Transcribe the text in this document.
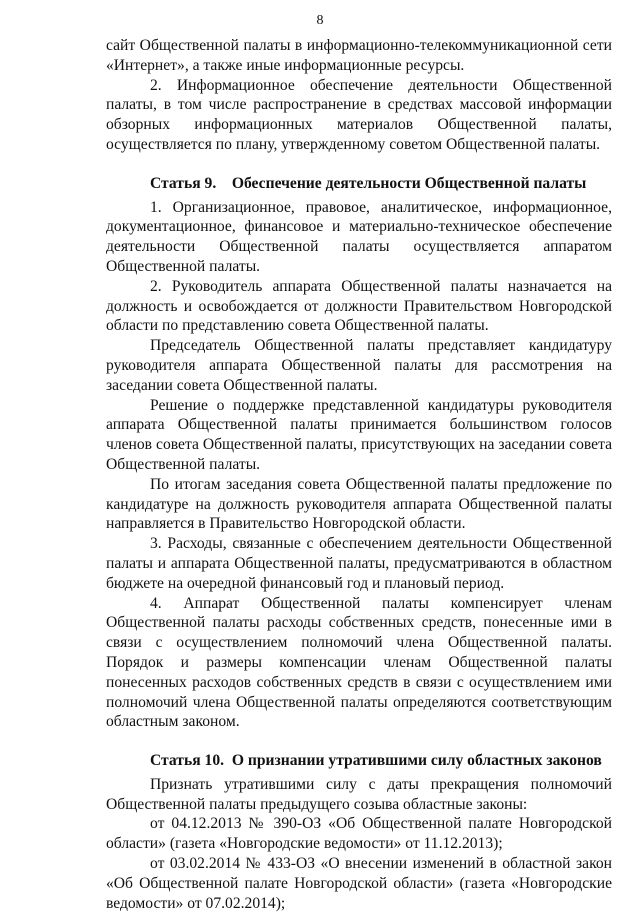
8

сайт Общественной палаты в информационно-телекоммуникационной сети «Интернет», а также иные информационные ресурсы.

2. Информационное обеспечение деятельности Общественной палаты, в том числе распространение в средствах массовой информации обзорных информационных материалов Общественной палаты, осуществляется по плану, утвержденному советом Общественной палаты.

Статья 9.    Обеспечение деятельности Общественной палаты

1. Организационное, правовое, аналитическое, информационное, документационное, финансовое и материально-техническое обеспечение деятельности Общественной палаты осуществляется аппаратом Общественной палаты.

2. Руководитель аппарата Общественной палаты назначается на должность и освобождается от должности Правительством Новгородской области по представлению совета Общественной палаты.

Председатель Общественной палаты представляет кандидатуру руководителя аппарата Общественной палаты для рассмотрения на заседании совета Общественной палаты.

Решение о поддержке представленной кандидатуры руководителя аппарата Общественной палаты принимается большинством голосов членов совета Общественной палаты, присутствующих на заседании совета Общественной палаты.

По итогам заседания совета Общественной палаты предложение по кандидатуре на должность руководителя аппарата Общественной палаты направляется в Правительство Новгородской области.

3. Расходы, связанные с обеспечением деятельности Общественной палаты и аппарата Общественной палаты, предусматриваются в областном бюджете на очередной финансовый год и плановый период.

4. Аппарат Общественной палаты компенсирует членам Общественной палаты расходы собственных средств, понесенные ими в связи с осуществлением полномочий члена Общественной палаты. Порядок и размеры компенсации членам Общественной палаты понесенных расходов собственных средств в связи с осуществлением ими полномочий члена Общественной палаты определяются соответствующим областным законом.

Статья 10.  О признании утратившими силу областных законов

Признать утратившими силу с даты прекращения полномочий Общественной палаты предыдущего созыва областные законы:

от 04.12.2013 № 390-ОЗ «Об Общественной палате Новгородской области» (газета «Новгородские ведомости» от 11.12.2013);

от 03.02.2014 № 433-ОЗ «О внесении изменений в областной закон «Об Общественной палате Новгородской области» (газета «Новгородские ведомости» от 07.02.2014);
